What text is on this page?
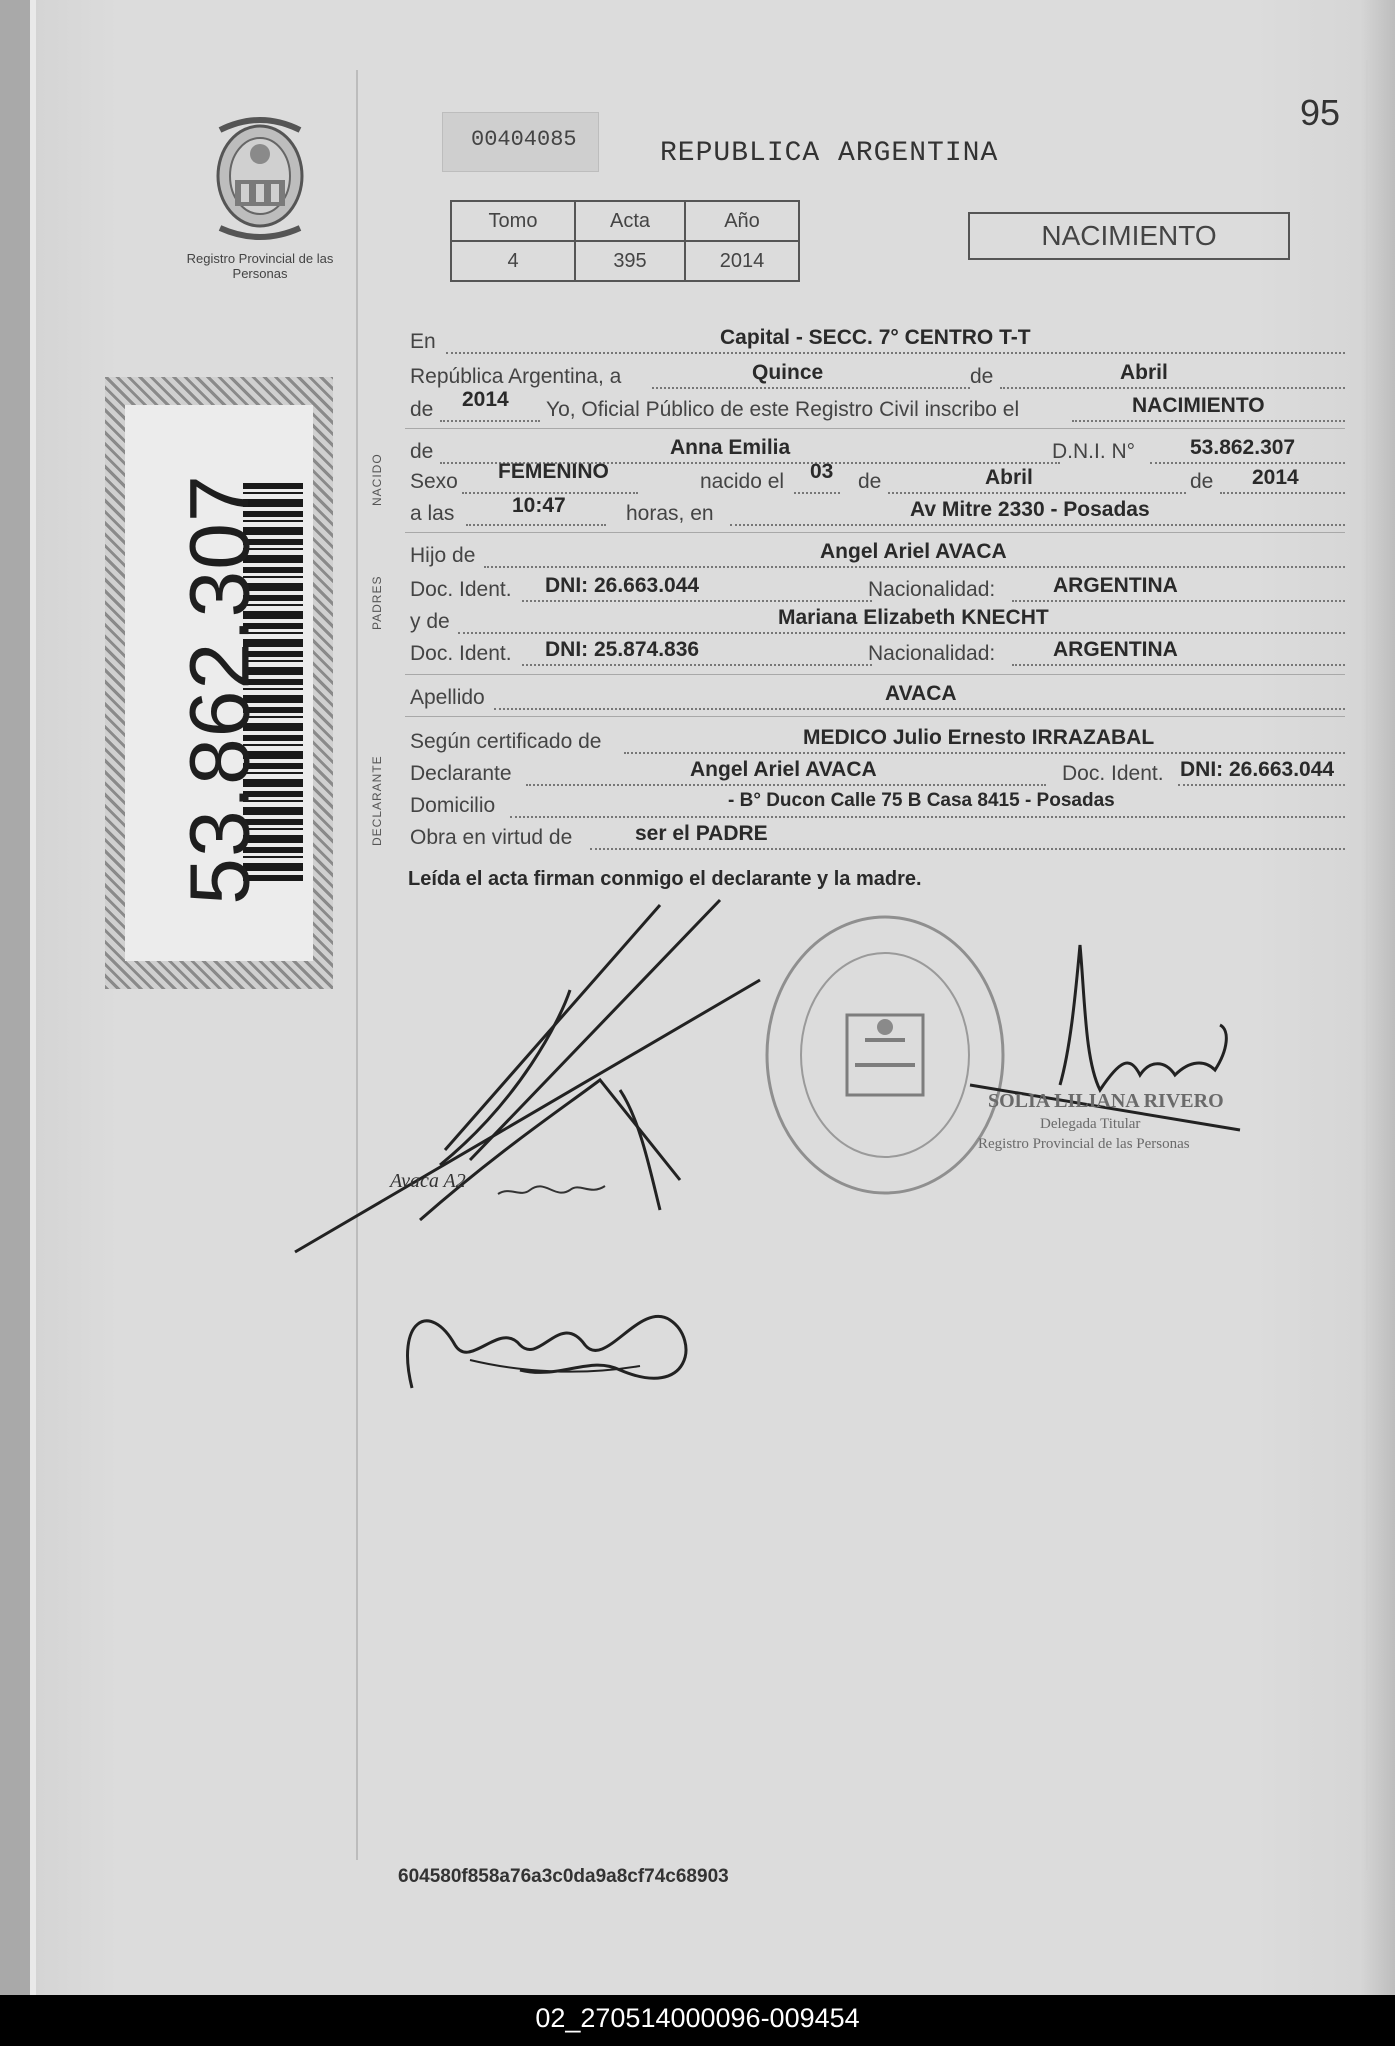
Registro Provincial de las Personas
00404085	REPUBLICA ARGENTINA
95
Tomo	Acta	Año
4	395	2014
NACIMIENTO
53.862.307	NACIDO
PADRES
DECLARANTE
En	Capital - SECC. 7° CENTRO T-T
República Argentina, a	Quince	de	Abril
de 2014 Yo, Oficial Público de este Registro Civil inscribo el	NACIMIENTO
de	Anna Emilia	D.N.I. N°	53.862.307
Sexo FEMENINO	nacido el 03 de	Abril	de 2014
a las	10:47	horas, en	Av Mitre 2330 - Posadas
Hijo de	Angel Ariel AVACA
Doc. Ident. DNI: 26.663.044	Nacionalidad:	ARGENTINA
y de	Mariana Elizabeth KNECHT
Doc. Ident. DNI: 25.874.836	Nacionalidad:	ARGENTINA
Apellido	AVACA
Según certificado de	MEDICO Julio Ernesto IRRAZABAL
Declarante	Angel Ariel AVACA	Doc. Ident. DNI: 26.663.044
Domicilio	- B° Ducon Calle 75 B Casa 8415 - Posadas
Obra en virtud de	ser el PADRE
Leída el acta firman conmigo el declarante y la madre.
Avaca A2
SOLIA LILIANA RIVERO
Delegada Titular
Registro Provincial de las Personas
604580f858a76a3c0da9a8cf74c68903
02_270514000096-009454
